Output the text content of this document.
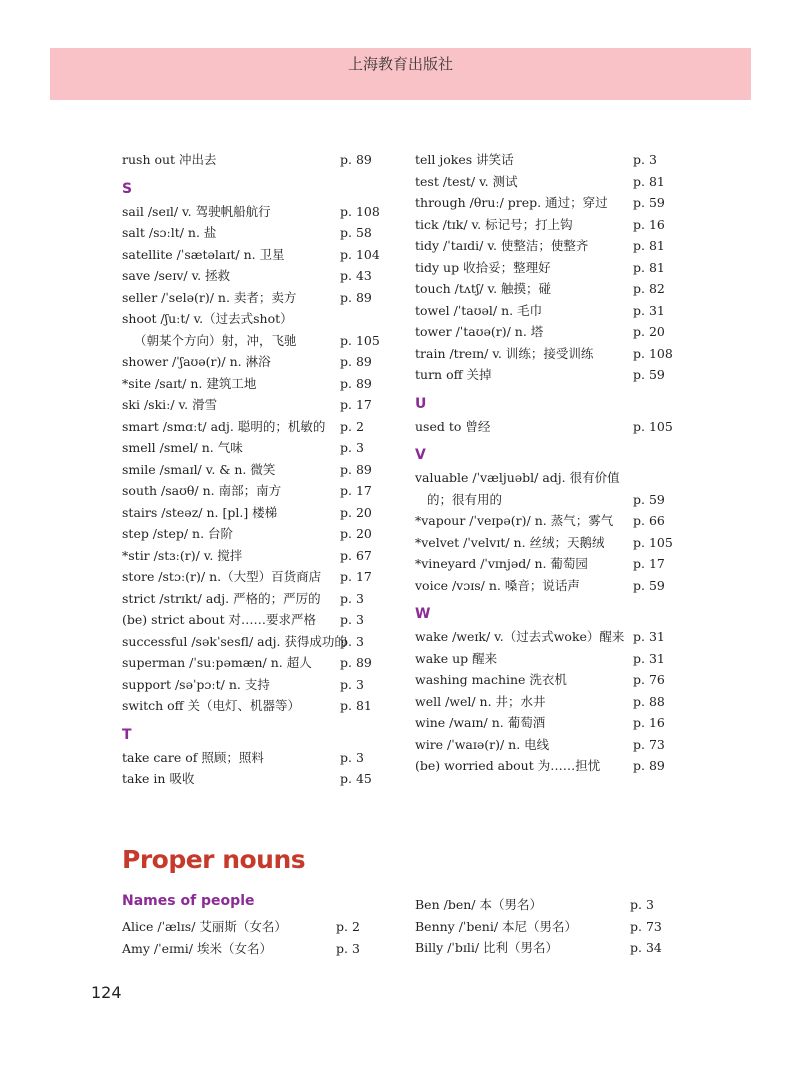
上海教育出版社
rush out 冲出去	p. 89
S
sail /seɪl/ v. 驾驶帆船航行	p. 108
salt /sɔːlt/ n. 盐	p. 58
satellite /ˈsætəlaɪt/ n. 卫星	p. 104
save /seɪv/ v. 拯救	p. 43
seller /ˈselə(r)/ n. 卖者；卖方	p. 89
shoot /ʃuːt/ v.（过去式shot）
（朝某个方向）射，冲，飞驰	p. 105
shower /ˈʃaʊə(r)/ n. 淋浴	p. 89
*site /saɪt/ n. 建筑工地	p. 89
ski /skiː/ v. 滑雪	p. 17
smart /smɑːt/ adj. 聪明的；机敏的 p. 2
smell /smel/ n. 气味	p. 3
smile /smaɪl/ v. & n. 微笑	p. 89
south /saʊθ/ n. 南部；南方	p. 17
stairs /steəz/ n. [pl.] 楼梯	p. 20
step /step/ n. 台阶	p. 20
*stir /stɜː(r)/ v. 搅拌	p. 67
store /stɔː(r)/ n.（大型）百货商店 p. 17
strict /strɪkt/ adj. 严格的；严厉的 p. 3
(be) strict about 对……要求严格 p. 3
successful /səkˈsesfl/ adj. 获得成功的
p. 3
superman /ˈsuːpəmæn/ n. 超人 p. 89
support /səˈpɔːt/ n. 支持	p. 3
switch off 关（电灯、机器等）	p. 81
T
take care of 照顾；照料	p. 3
take in 吸收	p. 45
tell jokes 讲笑话	p. 3
test /test/ v. 测试	p. 81
through /θruː/ prep. 通过；穿过 p. 59
tick /tɪk/ v. 标记号；打上钩	p. 16
tidy /ˈtaɪdi/ v. 使整洁；使整齐	p. 81
tidy up 收拾妥；整理好	p. 81
touch /tʌtʃ/ v. 触摸；碰	p. 82
towel /ˈtaʊəl/ n. 毛巾	p. 31
tower /ˈtaʊə(r)/ n. 塔	p. 20
train /treɪn/ v. 训练；接受训练	p. 108
turn off 关掉	p. 59
U
used to 曾经	p. 105
V
valuable /ˈvæljuəbl/ adj. 很有价值
的；很有用的	p. 59
*vapour /ˈveɪpə(r)/ n. 蒸气；雾气 p. 66
*velvet /ˈvelvɪt/ n. 丝绒；天鹅绒 p. 105
*vineyard /ˈvɪnjəd/ n. 葡萄园	p. 17
voice /vɔɪs/ n. 嗓音；说话声	p. 59
W
wake /weɪk/ v.（过去式woke）醒来 p. 31
wake up 醒来	p. 31
washing machine 洗衣机	p. 76
well /wel/ n. 井；水井	p. 88
wine /waɪn/ n. 葡萄酒	p. 16
wire /ˈwaɪə(r)/ n. 电线	p. 73
(be) worried about 为……担忧	p. 89
Proper nouns
Names of people
Alice /ˈælɪs/ 艾丽斯（女名）	p. 2
Amy /ˈeɪmi/ 埃米（女名）	p. 3
Ben /ben/ 本（男名）	p. 3
Benny /ˈbeni/ 本尼（男名）	p. 73
Billy /ˈbɪli/ 比利（男名）	p. 34
124
